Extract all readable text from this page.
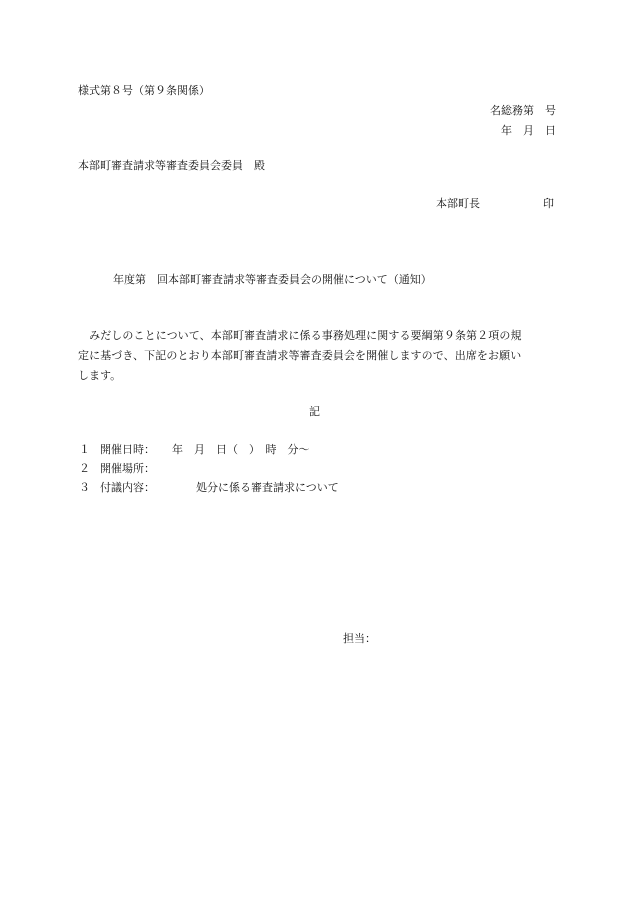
様式第８号（第９条関係）
名総務第　号
年　月　日
本部町審査請求等審査委員会委員　殿
本部町長	印
年度第　回本部町審査請求等審査委員会の開催について（通知）
　みだしのことについて、本部町審査請求に係る事務処理に関する要綱第９条第２項の規
定に基づき、下記のとおり本部町審査請求等審査委員会を開催しますので、出席をお願い
します。
記
１ 開催日時： 年　月　日（　）　時　分〜
２ 開催場所：
３ 付議内容：	処分に係る審査請求について
担当：
